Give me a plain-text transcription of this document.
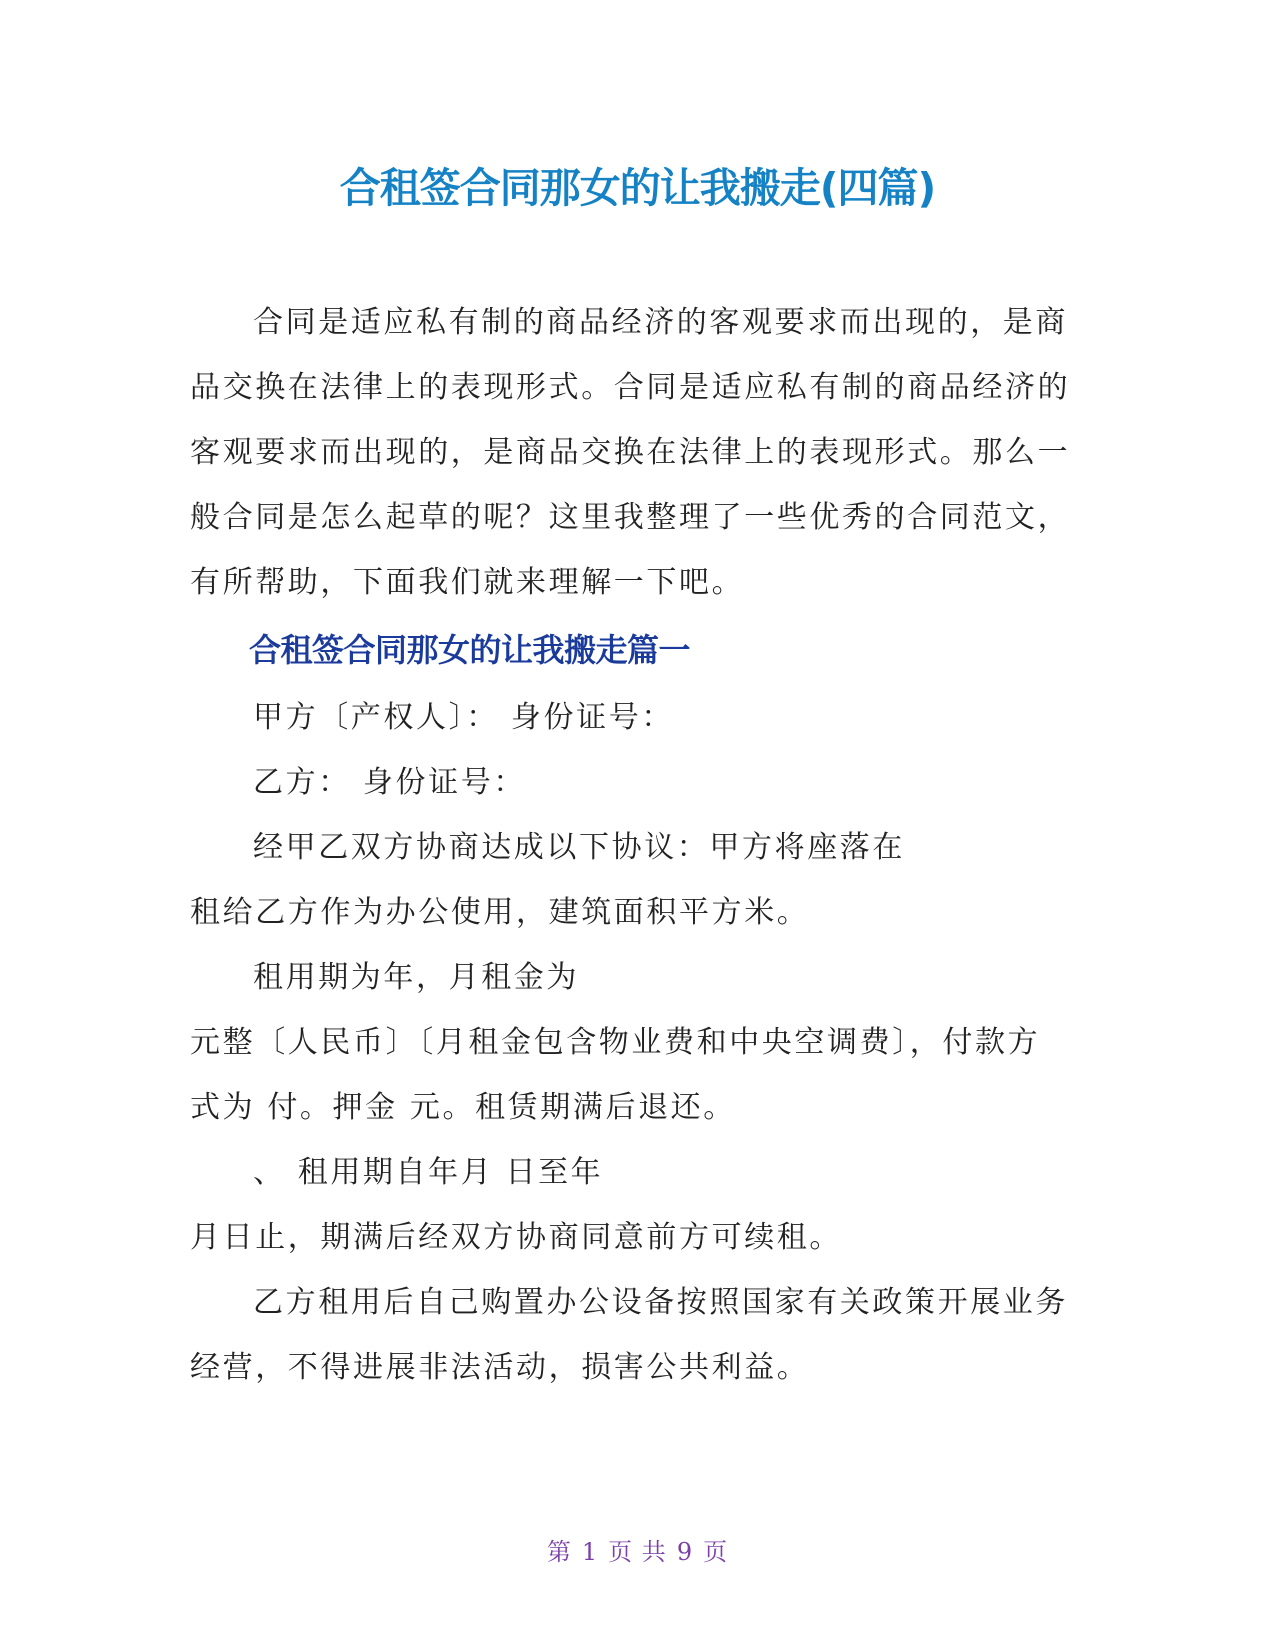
合租签合同那女的让我搬走(四篇)

合同是适应私有制的商品经济的客观要求而出现的，是商

品交换在法律上的表现形式。合同是适应私有制的商品经济的

客观要求而出现的，是商品交换在法律上的表现形式。那么一

般合同是怎么起草的呢？这里我整理了一些优秀的合同范文，

有所帮助，下面我们就来理解一下吧。

合租签合同那女的让我搬走篇一

甲方〔产权人〕： 身份证号：

乙方： 身份证号：

经甲乙双方协商达成以下协议：甲方将座落在

租给乙方作为办公使用，建筑面积平方米。

租用期为年，月租金为

元整〔人民币〕〔月租金包含物业费和中央空调费〕，付款方

式为 付。押金 元。租赁期满后退还。

、 租用期自年月 日至年

月日止，期满后经双方协商同意前方可续租。

乙方租用后自己购置办公设备按照国家有关政策开展业务

经营，不得进展非法活动，损害公共利益。

第 1 页 共 9 页
